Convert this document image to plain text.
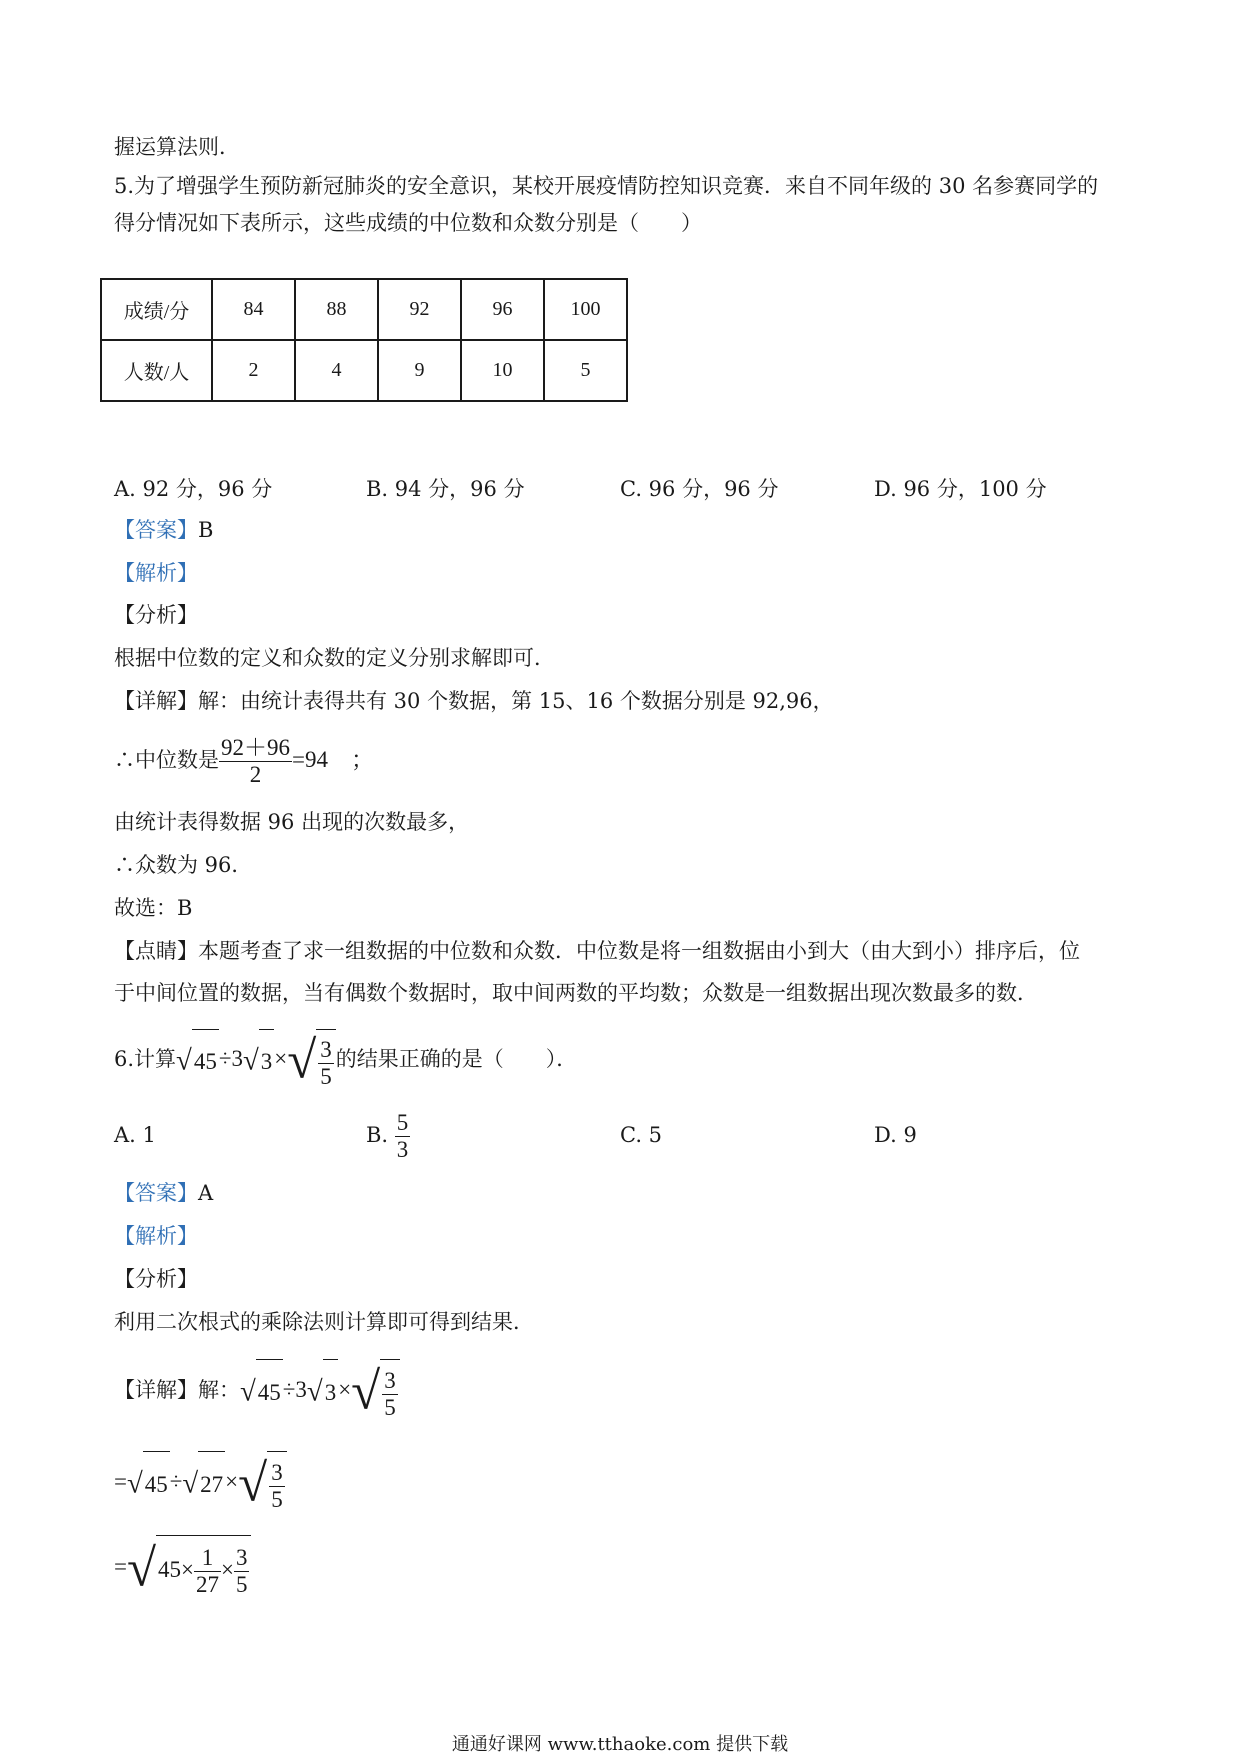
握运算法则．
5.为了增强学生预防新冠肺炎的安全意识，某校开展疫情防控知识竞赛．来自不同年级的 30 名参赛同学的
得分情况如下表所示，这些成绩的中位数和众数分别是（　　）
成绩/分	84	88	92	96	100
人数/人	2	4	9	10	5
A. 92 分，96 分	B. 94 分，96 分	C. 96 分，96 分	D. 96 分，100 分
【答案】B
【解析】
【分析】
根据中位数的定义和众数的定义分别求解即可．
【详解】解：由统计表得共有 30 个数据，第 15、16 个数据分别是 92,96，
∴中位数是 $\frac{92+96}{2} =94$　；
由统计表得数据 96 出现的次数最多，
∴众数为 96．
故选：B
【点睛】本题考查了求一组数据的中位数和众数．中位数是将一组数据由小到大（由大到小）排序后，位
于中间位置的数据，当有偶数个数据时，取中间两数的平均数；众数是一组数据出现次数最多的数．
6.计算$√45\div 3√3\times√ \frac{3}{5}$ 的结果正确的是（　　）．
A. 1	B. $\frac{5}{3}$	C. 5	D. 9
【答案】A
【解析】
【分析】
利用二次根式的乘除法则计算即可得到结果．
【详解】解：$√45\div 3√3\times√ \frac{3}{5}$
$=√45\div√27\times√ \frac{3}{5}$
$=√45\times \frac{1}{27} \times \frac{3}{5}$
通通好课网 www.tthaoke.com 提供下载
